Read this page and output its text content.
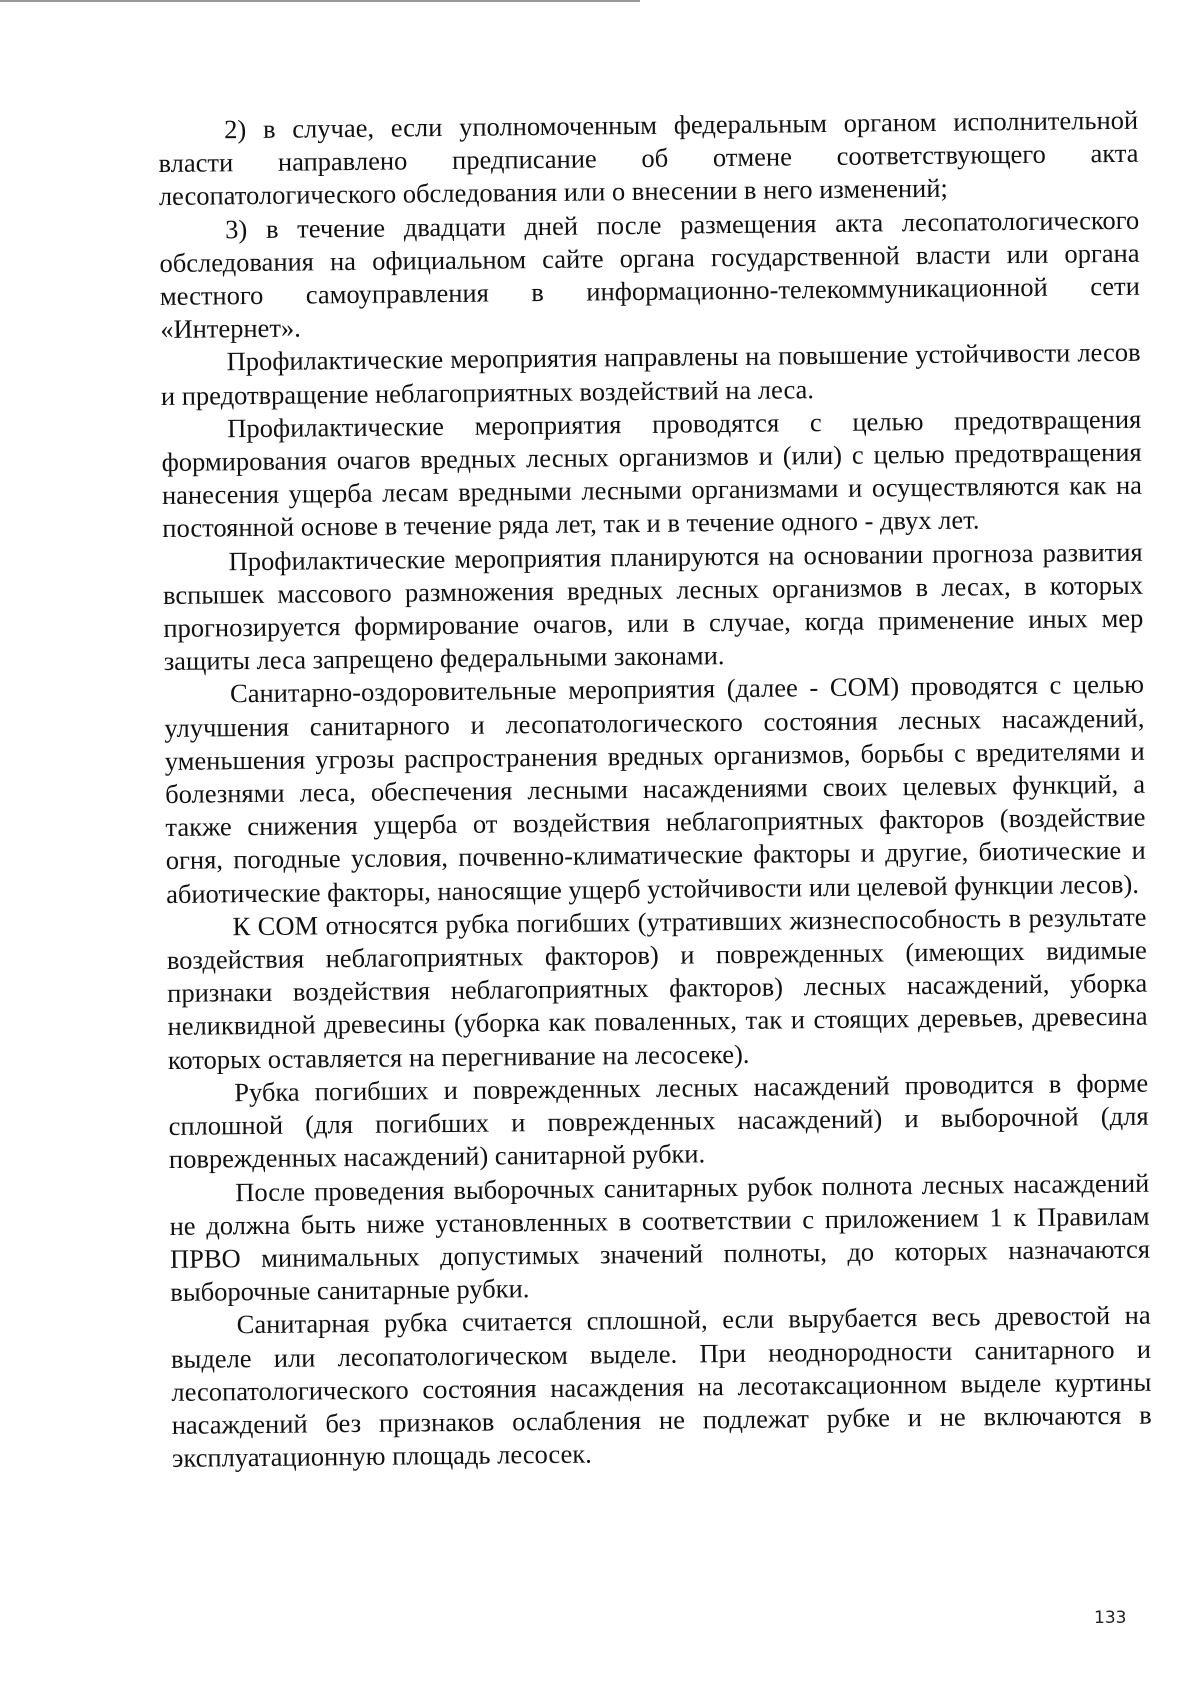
2) в случае, если уполномоченным федеральным органом исполнительной власти направлено предписание об отмене соответствующего акта лесопатологического обследования или о внесении в него изменений;

3) в течение двадцати дней после размещения акта лесопатологического обследования на официальном сайте органа государственной власти или органа местного самоуправления в информационно-телекоммуникационной сети «Интернет».

Профилактические мероприятия направлены на повышение устойчивости лесов и предотвращение неблагоприятных воздействий на леса.

Профилактические мероприятия проводятся с целью предотвращения формирования очагов вредных лесных организмов и (или) с целью предотвращения нанесения ущерба лесам вредными лесными организмами и осуществляются как на постоянной основе в течение ряда лет, так и в течение одного - двух лет.

Профилактические мероприятия планируются на основании прогноза развития вспышек массового размножения вредных лесных организмов в лесах, в которых прогнозируется формирование очагов, или в случае, когда применение иных мер защиты леса запрещено федеральными законами.

Санитарно-оздоровительные мероприятия (далее - СОМ) проводятся с целью улучшения санитарного и лесопатологического состояния лесных насаждений, уменьшения угрозы распространения вредных организмов, борьбы с вредителями и болезнями леса, обеспечения лесными насаждениями своих целевых функций, а также снижения ущерба от воздействия неблагоприятных факторов (воздействие огня, погодные условия, почвенно-климатические факторы и другие, биотические и абиотические факторы, наносящие ущерб устойчивости или целевой функции лесов).

К СОМ относятся рубка погибших (утративших жизнеспособность в результате воздействия неблагоприятных факторов) и поврежденных (имеющих видимые признаки воздействия неблагоприятных факторов) лесных насаждений, уборка неликвидной древесины (уборка как поваленных, так и стоящих деревьев, древесина которых оставляется на перегнивание на лесосеке).

Рубка погибших и поврежденных лесных насаждений проводится в форме сплошной (для погибших и поврежденных насаждений) и выборочной (для поврежденных насаждений) санитарной рубки.

После проведения выборочных санитарных рубок полнота лесных насаждений не должна быть ниже установленных в соответствии с приложением 1 к Правилам ПРВО минимальных допустимых значений полноты, до которых назначаются выборочные санитарные рубки.

Санитарная рубка считается сплошной, если вырубается весь древостой на выделе или лесопатологическом выделе. При неоднородности санитарного и лесопатологического состояния насаждения на лесотаксационном выделе куртины насаждений без признаков ослабления не подлежат рубке и не включаются в эксплуатационную площадь лесосек.

133
